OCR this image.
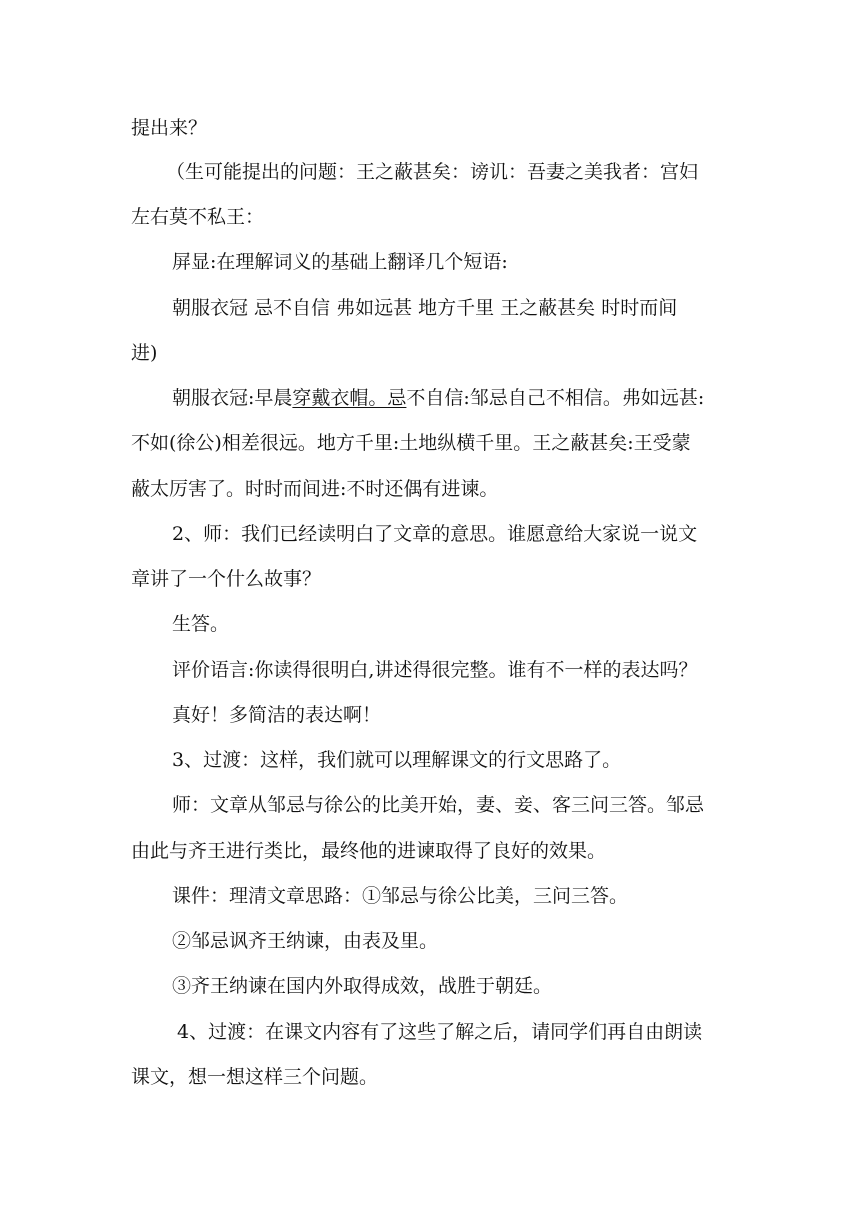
提出来？
（生可能提出的问题：王之蔽甚矣：谤讥：吾妻之美我者：宫妇
左右莫不私王：
屏显:在理解词义的基础上翻译几个短语:
朝服衣冠 忌不自信 弗如远甚 地方千里 王之蔽甚矣 时时而间
进)
朝服衣冠:早晨穿戴衣帽。忌不自信:邹忌自己不相信。弗如远甚:
不如(徐公)相差很远。地方千里:土地纵横千里。王之蔽甚矣:王受蒙
蔽太厉害了。时时而间进:不时还偶有进谏。
2、师：我们已经读明白了文章的意思。谁愿意给大家说一说文
章讲了一个什么故事？
生答。
评价语言:你读得很明白,讲述得很完整。谁有不一样的表达吗？
真好！多简洁的表达啊！
3、过渡：这样，我们就可以理解课文的行文思路了。
师：文章从邹忌与徐公的比美开始，妻、妾、客三问三答。邹忌
由此与齐王进行类比，最终他的进谏取得了良好的效果。
课件：理清文章思路：①邹忌与徐公比美，三问三答。
②邹忌讽齐王纳谏，由表及里。
③齐王纳谏在国内外取得成效，战胜于朝廷。
4、过渡：在课文内容有了这些了解之后，请同学们再自由朗读
课文，想一想这样三个问题。
